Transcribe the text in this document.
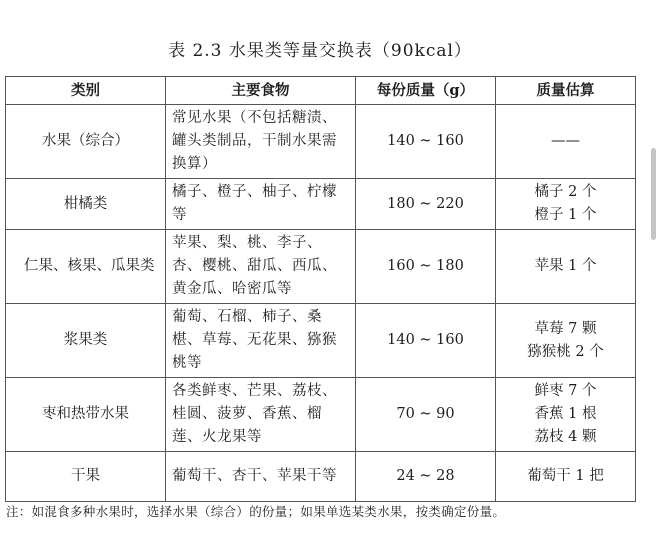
表 2.3 水果类等量交换表（90kcal）
类别	主要食物	每份质量（g）	质量估算
水果（综合）	常见水果（不包括糖渍、罐头类制品，干制水果需换算）	140 ~ 160	——

柑橘类	橘子、橙子、柚子、柠檬等	180 ~ 220	橘子 2 个
橙子 1 个

仁果、核果、瓜果类	苹果、梨、桃、李子、杏、樱桃、甜瓜、西瓜、黄金瓜、哈密瓜等	160 ~ 180	苹果 1 个

浆果类	葡萄、石榴、柿子、桑椹、草莓、无花果、猕猴桃等	140 ~ 160	草莓 7 颗
猕猴桃 2 个

枣和热带水果	各类鲜枣、芒果、荔枝、桂圆、菠萝、香蕉、榴莲、火龙果等	70 ~ 90	鲜枣 7 个
香蕉 1 根
荔枝 4 颗

干果	葡萄干、杏干、苹果干等	24 ~ 28	葡萄干 1 把
注：如混食多种水果时，选择水果（综合）的份量；如果单选某类水果，按类确定份量。
